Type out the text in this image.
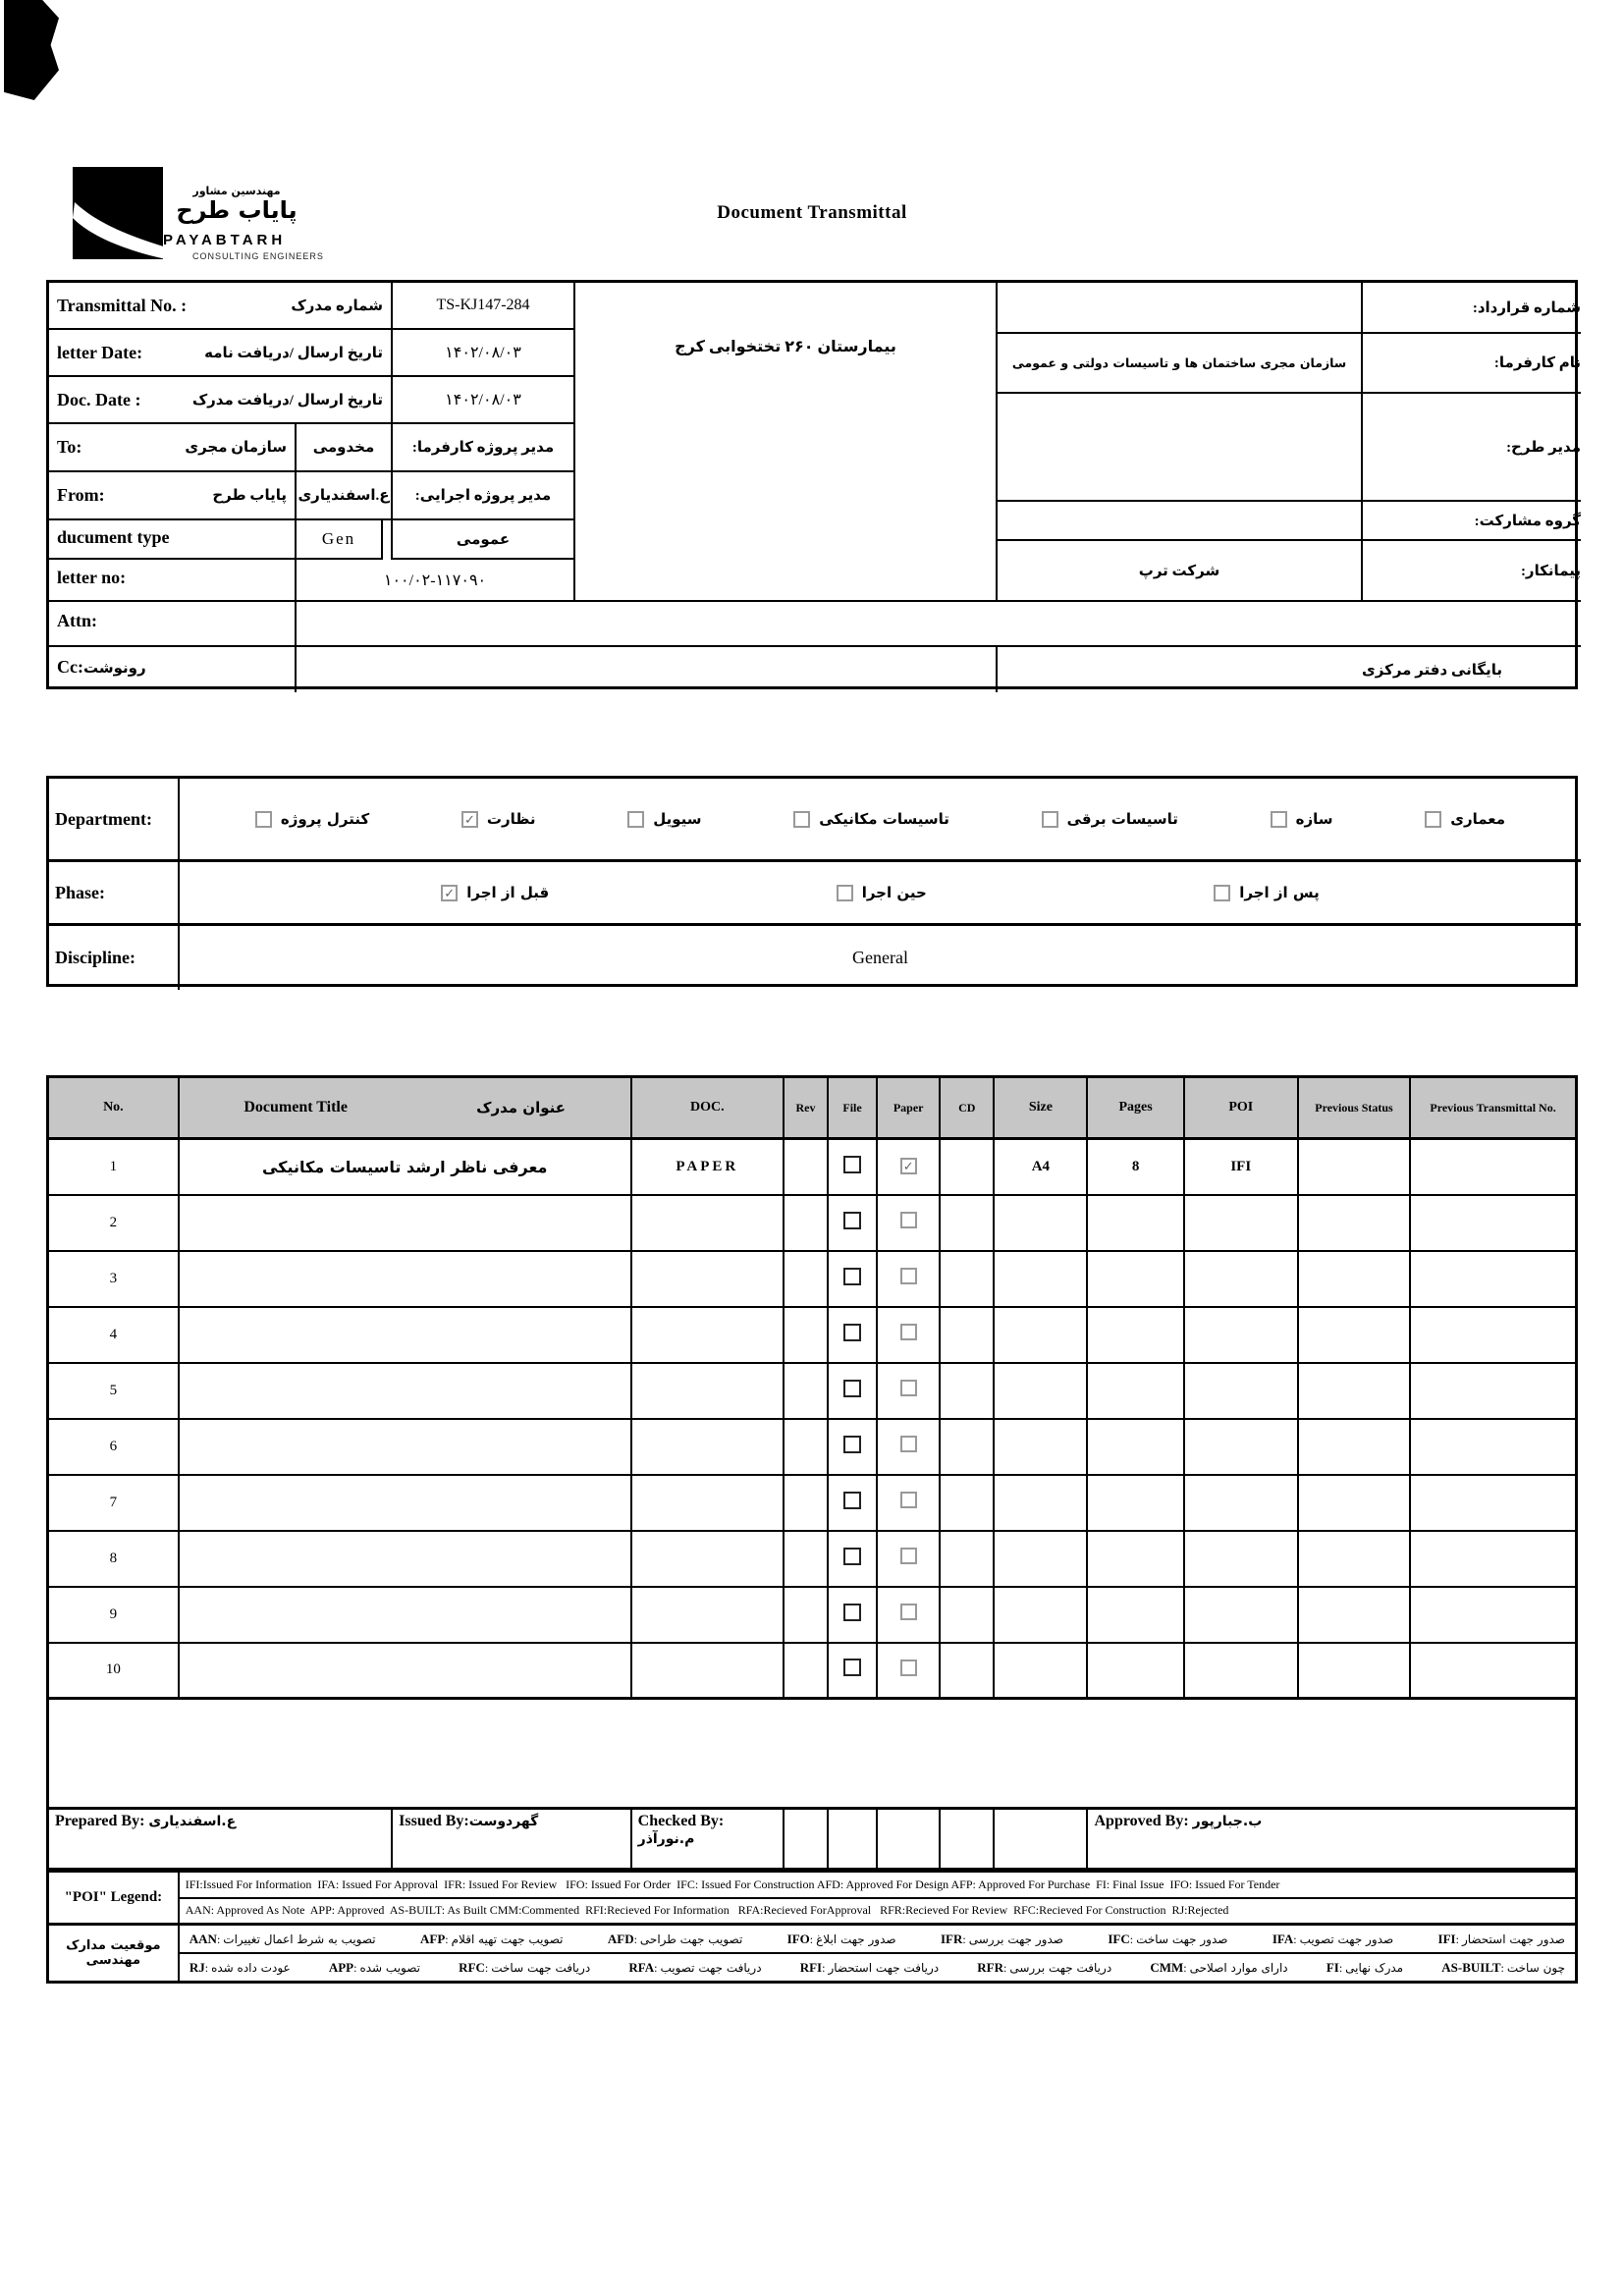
مهندسین مشاور
پایاب طرح
PAYABTARH
CONSULTING ENGINEERS
Document Transmittal
Transmittal No. :	شماره مدرک	TS-KJ147-284
letter Date:	تاریخ ارسال /دریافت نامه	۱۴۰۲/۰۸/۰۳
Doc. Date :	تاریخ ارسال /دریافت مدرک	۱۴۰۲/۰۸/۰۳
To:	سازمان مجری	مخدومی	مدیر پروژه کارفرما:
From:	پایاب طرح ع.اسفندیاری	مدیر پروژه اجرایی:
ducument type	Gen	عمومی
letter no:	۱۰۰/۰۲-۱۱۷۰۹۰
Attn:
Cc:رونوشت	بایگانی دفتر مرکزی
بیمارستان ۲۶۰ تختخوابی کرج
شماره قرارداد:
سازمان مجری ساختمان ها و تاسیسات دولتی و عمومی	نام کارفرما:
مدیر طرح:
گروه مشارکت:
شرکت ترپ	پیمانکار:
Department:	معماری
سازه
تاسیسات برقی
تاسیسات مکانیکی
سیویل
✓ نظارت
کنترل پروژه
Phase:	پس از اجرا
حین اجرا
✓ قبل از اجرا
Discipline:	General
No.	Document Title عنوان مدرک	DOC.	Rev	File	Paper	CD	Size	Pages	POI	Previous Status	Previous Transmittal No.
1	معرفی ناظر ارشد تاسیسات مکانیکی	PAPER			✓		A4	8	IFI		
2											
3											
4											
5											
6											
7											
8											
9											
10											
Prepared By: ع.اسفندیاری	Issued By:گهردوست	Checked By: م.نورآذر						Approved By: ب.جبارپور
"POI" Legend:	IFI:Issued For Information  IFA: Issued For Approval  IFR: Issued For Review   IFO: Issued For Order  IFC: Issued For Construction AFD: Approved For Design AFP: Approved For Purchase  FI: Final Issue  IFO: Issued For Tender
	AAN: Approved As Note  APP: Approved  AS-BUILT: As Built CMM:Commented  RFI:Recieved For Information   RFA:Recieved ForApproval   RFR:Recieved For Review  RFC:Recieved For Construction  RJ:Rejected
موقعیت مدارک مهندسی	
IFI: صدور جهت استحضار
IFA: صدور جهت تصویب
IFC: صدور جهت ساخت
IFR: صدور جهت بررسی
IFO: صدور جهت ابلاغ
AFD: تصویب جهت طراحی
AFP: تصویب جهت تهیه اقلام
AAN: تصویب به شرط اعمال تغییرات

AS-BUILT: چون ساخت
FI: مدرک نهایی
CMM: دارای موارد اصلاحی
RFR: دریافت جهت بررسی
RFI: دریافت جهت استحضار
RFA: دریافت جهت تصویب
RFC: دریافت جهت ساخت
APP: تصویب شده
RJ: عودت داده شده
